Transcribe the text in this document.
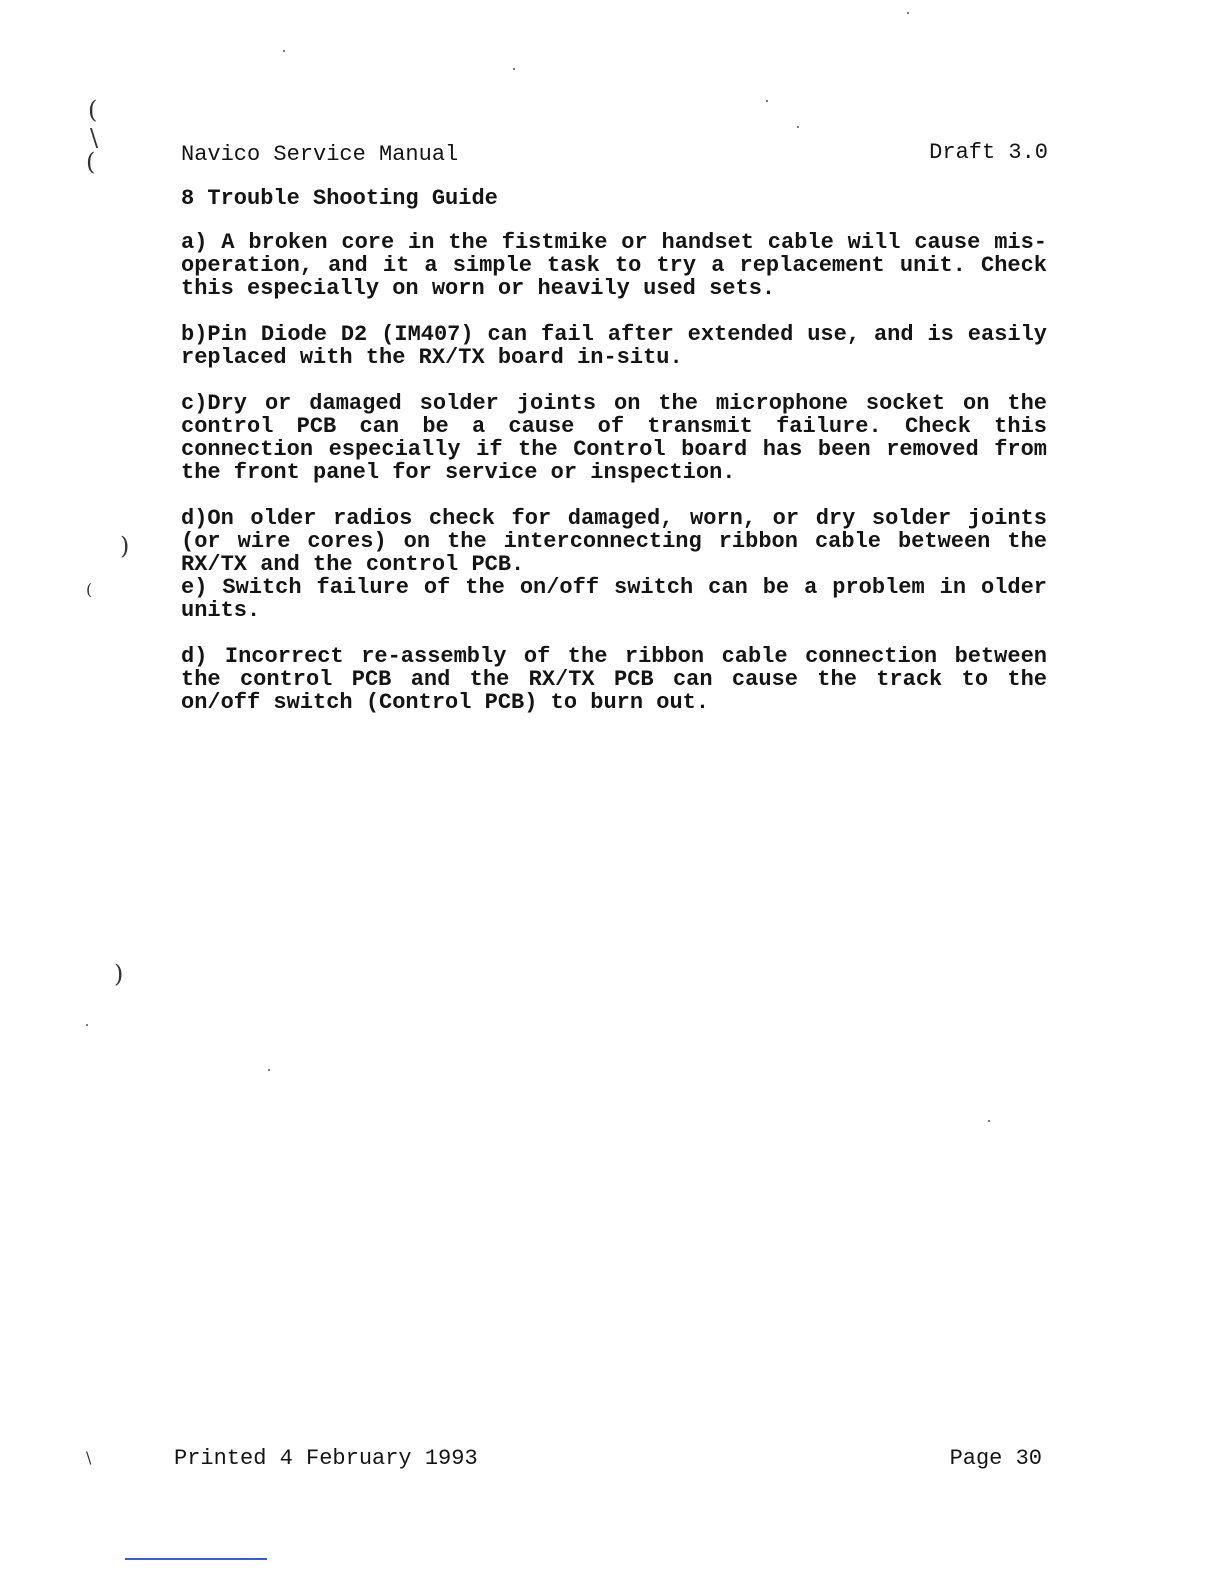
Navico Service Manual	Draft 3.0
8 Trouble Shooting Guide

a) A broken core in the fistmike or handset cable will cause mis-operation, and it a simple task to try a replacement unit. Check this especially on worn or heavily used sets.

b)Pin Diode D2 (IM407) can fail after extended use, and is easily replaced with the RX/TX board in-situ.

c)Dry or damaged solder joints on the microphone socket on the control PCB can be a cause of transmit failure. Check this connection especially if the Control board has been removed from the front panel for service or inspection.

d)On older radios check for damaged, worn, or dry solder joints (or wire cores) on the interconnecting ribbon cable between the RX/TX and the control PCB.

e) Switch failure of the on/off switch can be a problem in older units.

d) Incorrect re-assembly of the ribbon cable connection between the control PCB and the RX/TX PCB can cause the track to the on/off switch (Control PCB) to burn out.

Printed 4 February 1993	Page 30
(
\
(
)
(
)
\
